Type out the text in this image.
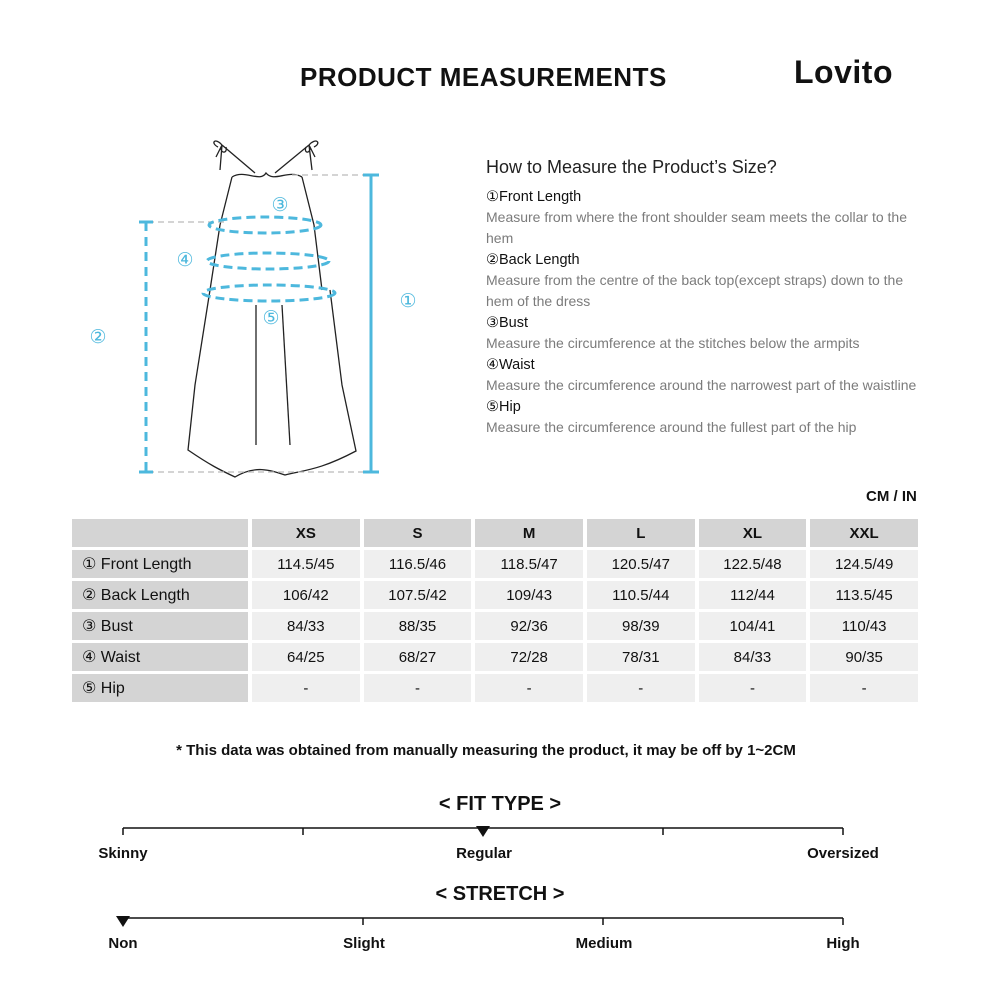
PRODUCT MEASUREMENTS	Lovito
①
②
③
④
⑤
How to Measure the Product’s Size?
①Front Length
Measure from where the front shoulder seam meets the collar to the hem
②Back Length
Measure from the centre of the back top(except straps) down to the hem of the dress
③Bust
Measure the circumference at the stitches below the armpits
④Waist
Measure the circumference around the narrowest part of the waistline
⑤Hip
Measure the circumference around the fullest part of the hip
CM / IN
	XS	S	M	L	XL	XXL
① Front Length	114.5/45	116.5/46	118.5/47	120.5/47	122.5/48	124.5/49
② Back Length	106/42	107.5/42	109/43	110.5/44	112/44	113.5/45
③ Bust	84/33	88/35	92/36	98/39	104/41	110/43
④ Waist	64/25	68/27	72/28	78/31	84/33	90/35
⑤ Hip	-	-	-	-	-	-
* This data was obtained from manually measuring the product, it may be off by 1~2CM
< FIT TYPE >
Skinny	Regular	Oversized
< STRETCH >
Non	Slight	Medium	High
